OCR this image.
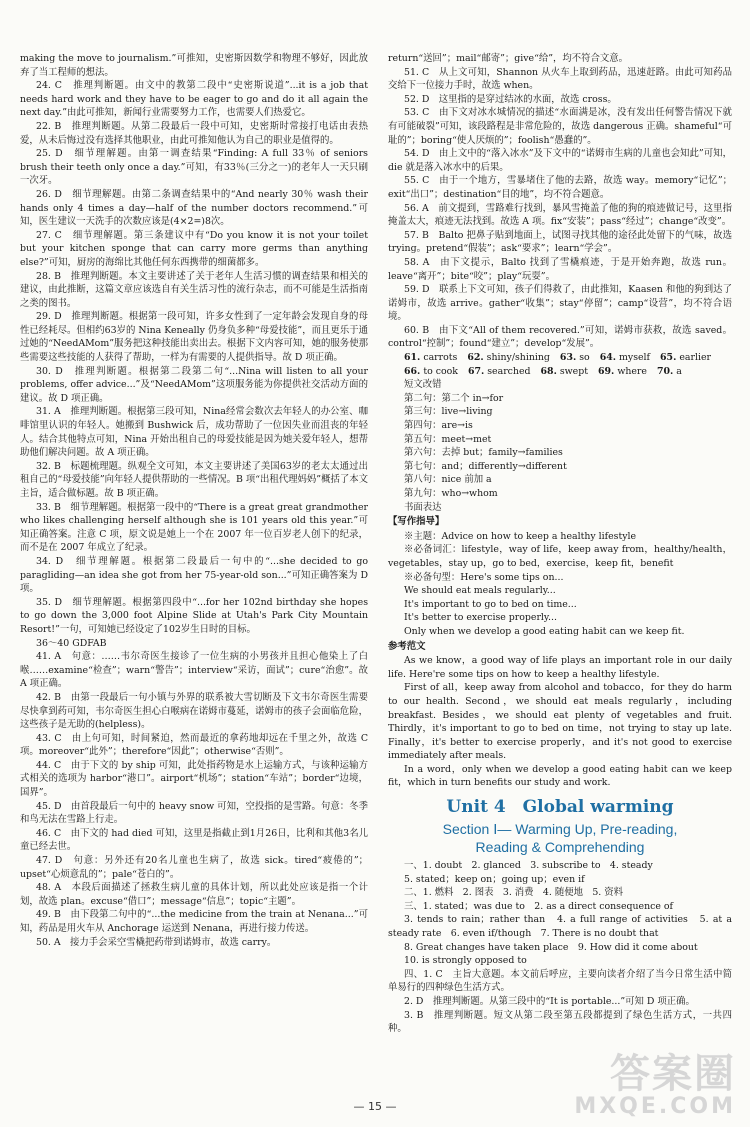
making the move to journalism.”可推知，史密斯因数学和物理不够好，因此放弃了当工程师的想法。
24. C　推理判断题。由文中的教第二段中“史密斯说道”...it is a job that needs hard work and they have to be eager to go and do it all again the next day.”由此可推知，新闻行业需要努力工作，也需要人们热爱它。
22. B　推理判断题。从第二段最后一段中可知，史密斯时常接打电话由表热爱，从未后悔过没有选择其他职业，由此可推知他认为自己的职业是值得的。
25. D　细节理解题。由第一调查结果“Finding: A full 33％ of seniors brush their teeth only once a day.”可知，有33％(三分之一)的老年人一天只刷一次牙。
26. D　细节理解题。由第二条调查结果中的“And nearly 30％ wash their hands only 4 times a day—half of the number doctors recommend.”可知，医生建议一天洗手的次数应该是(4×2=)8次。
27. C　细节理解题。第三条建议中有“Do you know it is not your toilet but your kitchen sponge that can carry more germs than anything else?”可知，厨房的海绵比其他任何东西携带的细菌都多。
28. B　推理判断题。本文主要讲述了关于老年人生活习惯的调查结果和相关的建议，由此推断，这篇文章应该选自有关生活习性的流行杂志，而不可能是生活指南之类的图书。
29. D　推理判断题。根据第一段可知，许多女性到了一定年龄会发现自身的母性已经耗尽。但相约63岁的 Nina Keneally 仍身负多种“母爱技能”，而且更乐于通过她的“NeedAMom”服务把这种技能出卖出去。根据下文内容可知，她的服务使那些需要这些技能的人获得了帮助，一样为有需要的人提供指导。故 D 项正确。
30. D　推理判断题。根据第二段第二句“...Nina will listen to all your problems, offer advice...”及“NeedAMom”这项服务能为你提供社交活动方面的建议。故 D 项正确。
31. A　推理判断题。根据第三段可知，Nina经常会数次去年轻人的办公室、咖啡馆里认识的年轻人。她搬到 Bushwick 后，成功帮助了一位因失业而沮丧的年轻人。结合其他特点可知，Nina 开始出租自己的母爱技能是因为她关爱年轻人，想帮助他们解决问题。故 A 项正确。
32. B　标题梳理题。纵观全文可知，本文主要讲述了美国63岁的老太太通过出租自己的“母爱技能”向年轻人提供帮助的一些情况。B 项“出租代理妈妈”概括了本文主旨，适合做标题。故 B 项正确。
33. B　细节理解题。根据第一段中的“There is a great great grandmother who likes challenging herself although she is 101 years old this year.”可知正确答案。注意 C 项，原文说是她上一个在 2007 年一位百岁老人创下的纪录，而不是在 2007 年成立了纪录。
34. D　细节理解题。根据第二段最后一句中的“...she decided to go paragliding—an idea she got from her 75-year-old son...”可知正确答案为 D 项。
35. D　细节理解题。根据第四段中“...for her 102nd birthday she hopes to go down the 3,000 foot Alpine Slide at Utah's Park City Mountain Resort!”一句，可知她已经设定了102岁生日时的目标。
36～40 GDFAB
41. A　句意：……韦尔奇医生接诊了一位生病的小男孩并且担心他染上了白喉……examine“检查”；warn“警告”；interview“采访，面试”；cure“治愈”。故 A 项正确。
42. B　由第一段最后一句小镇与外界的联系被大雪切断及下文韦尔奇医生需要尽快拿到药可知，韦尔奇医生担心白喉病在诺姆市蔓延，诺姆市的孩子会面临危险，这些孩子是无助的(helpless)。
43. C　由上句可知，时间紧迫，然而最近的拿药地却远在千里之外，故选 C 项。moreover“此外”；therefore“因此”；otherwise“否则”。
44. C　由于下文的 by ship 可知，此处指药物是水上运输方式，与该种运输方式相关的选项为 harbor“港口”。airport“机场”；station“车站”；border“边境，国界”。
45. D　由首段最后一句中的 heavy snow 可知，空投指的是雪路。句意：冬季和鸟无法在雪路上行走。
46. C　由下文的 had died 可知，这里是指截止到1月26日，比利和其他3名儿童已经去世。
47. D　句意：另外还有20名儿童也生病了，故选 sick。tired“疲倦的”；upset“心烦意乱的”；pale“苍白的”。
48. A　本段后面描述了拯救生病儿童的具体计划，所以此处应该是指一个计划，故选 plan。excuse“借口”；message“信息”；topic“主题”。
49. B　由下段第二句中的“...the medicine from the train at Nenana...”可知，药品是用火车从 Anchorage 运送到 Nenana，再进行接力传送。
50. A　接力手会采空雪橇把药带到诺姆市，故选 carry。
return“送回”；mail“邮寄”；give“给”，均不符合文意。
51. C　从上文可知，Shannon 从火车上取到药品，迅速赶路。由此可知药品交给下一位接力手时，故选 when。
52. D　这里指的是穿过结冰的水面，故选 cross。
53. C　由下文对冰水城情况的描述“水面满是冰，没有发出任何警告情况下就有可能破裂”可知，该段路程是非常危险的，故选 dangerous 正确。shameful“可耻的”；boring“使人厌烦的”；foolish“愚蠢的”。
54. D　由上文中的“落入冰水”及下文中的“诺姆市生病的儿童也会知此”可知，die 就是落入冰水中的后果。
55. C　由于一个地方，雪暴堵住了他的去路，故选 way。memory“记忆”；exit“出口”；destination“目的地”，均不符合题意。
56. A　前文提到，雪路难行找到，暴风雪掩盖了他的狗的痕迹做记号，这里指掩盖太大，痕迹无法找到。故选 A 项。fix“安装”；pass“经过”；change“改变”。
57. B　Balto 把鼻子贴到地面上，试图寻找其他的途径此处留下的气味，故选 trying。pretend“假装”；ask“要求”；learn“学会”。
58. A　由下文提示，Balto 找到了雪橇痕迹，于是开始奔跑，故选 run。leave“离开”；bite“咬”；play“玩耍”。
59. D　联系上下文可知，孩子们得救了，由此推知，Kaasen 和他的狗到达了诺姆市，故选 arrive。gather“收集”；stay“停留”；camp“设营”，均不符合语境。
60. B　由下文“All of them recovered.”可知，诺姆市获救，故选 saved。control“控制”；found“建立”；develop“发展”。
61. carrots 62. shiny/shining 63. so 64. myself 65. earlier66. to cook 67. searched 68. swept 69. where 70. a
短文改错
第二句：第二个 in→for
第三句：live→living
第四句：are→is
第五句：meet→met
第六句：去掉 but；family→families
第七句：and；differently→different
第八句：nice 前加 a
第九句：who→whom
书面表达
【写作指导】
※主题：Advice on how to keep a healthy lifestyle
※必备词汇：lifestyle，way of life，keep away from，healthy/health，vegetables，stay up，go to bed，exercise，keep fit，benefit
※必备句型：Here's some tips on...
We should eat meals regularly...
It's important to go to bed on time...
It's better to exercise properly...
Only when we develop a good eating habit can we keep fit.
参考范文
As we know，a good way of life plays an important role in our daily life. Here're some tips on how to keep a healthy lifestyle.
First of all，keep away from alcohol and tobacco，for they do harm to our health. Second，we should eat meals regularly，including breakfast. Besides，we should eat plenty of vegetables and fruit. Thirdly，it's important to go to bed on time，not trying to stay up late. Finally，it's better to exercise properly，and it's not good to exercise immediately after meals.
In a word，only when we develop a good eating habit can we keep fit，which in turn benefits our study and work.
Unit 4　Global warming
Section Ⅰ— Warming Up, Pre-reading,
Reading & Comprehending
一、1. doubt　2. glanced　3. subscribe to　4. steady
5. stated；keep on；going up；even if
二、1. 燃料　2. 图表　3. 消费　4. 随便地　5. 资料
三、1. stated；was due to　2. as a direct consequence of
3. tends to rain；rather than　4. a full range of activities　5. at a steady rate　6. even if/though　7. There is no doubt that
8. Great changes have taken place　9. How did it come about
10. is strongly opposed to
四、1. C　主旨大意题。本文前后呼应，主要向读者介绍了当今日常生活中简单易行的四种绿色生活方式。
2. D　推理判断题。从第三段中的“It is portable...”可知 D 项正确。
3. B　推理判断题。短文从第二段至第五段都提到了绿色生活方式，一共四种。
— 15 —
答案圈
MXQE.COM
